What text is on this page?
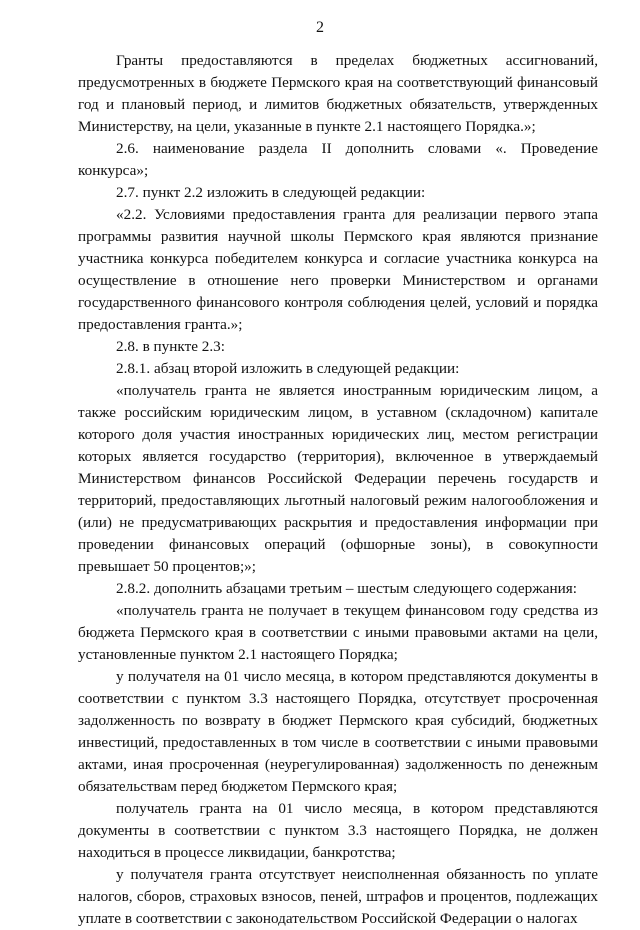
2

Гранты предоставляются в пределах бюджетных ассигнований, предусмотренных в бюджете Пермского края на соответствующий финансовый год и плановый период, и лимитов бюджетных обязательств, утвержденных Министерству, на цели, указанные в пункте 2.1 настоящего Порядка.»;

2.6. наименование раздела II дополнить словами «. Проведение конкурса»;

2.7. пункт 2.2 изложить в следующей редакции:

«2.2. Условиями предоставления гранта для реализации первого этапа программы развития научной школы Пермского края являются признание участника конкурса победителем конкурса и согласие участника конкурса на осуществление в отношение него проверки Министерством и органами государственного финансового контроля соблюдения целей, условий и порядка предоставления гранта.»;

2.8. в пункте 2.3:

2.8.1. абзац второй изложить в следующей редакции:

«получатель гранта не является иностранным юридическим лицом, а также российским юридическим лицом, в уставном (складочном) капитале которого доля участия иностранных юридических лиц, местом регистрации которых является государство (территория), включенное в утверждаемый Министерством финансов Российской Федерации перечень государств и территорий, предоставляющих льготный налоговый режим налогообложения и (или) не предусматривающих раскрытия и предоставления информации при проведении финансовых операций (офшорные зоны), в совокупности превышает 50 процентов;»;

2.8.2. дополнить абзацами третьим – шестым следующего содержания:

«получатель гранта не получает в текущем финансовом году средства из бюджета Пермского края в соответствии с иными правовыми актами на цели, установленные пунктом 2.1 настоящего Порядка;

у получателя на 01 число месяца, в котором представляются документы в соответствии с пунктом 3.3 настоящего Порядка, отсутствует просроченная задолженность по возврату в бюджет Пермского края субсидий, бюджетных инвестиций, предоставленных в том числе в соответствии с иными правовыми актами, иная просроченная (неурегулированная) задолженность по денежным обязательствам перед бюджетом Пермского края;

получатель гранта на 01 число месяца, в котором представляются документы в соответствии с пунктом 3.3 настоящего Порядка, не должен находиться в процессе ликвидации, банкротства;

у получателя гранта отсутствует неисполненная обязанность по уплате налогов, сборов, страховых взносов, пеней, штрафов и процентов, подлежащих уплате в соответствии с законодательством Российской Федерации о налогах
